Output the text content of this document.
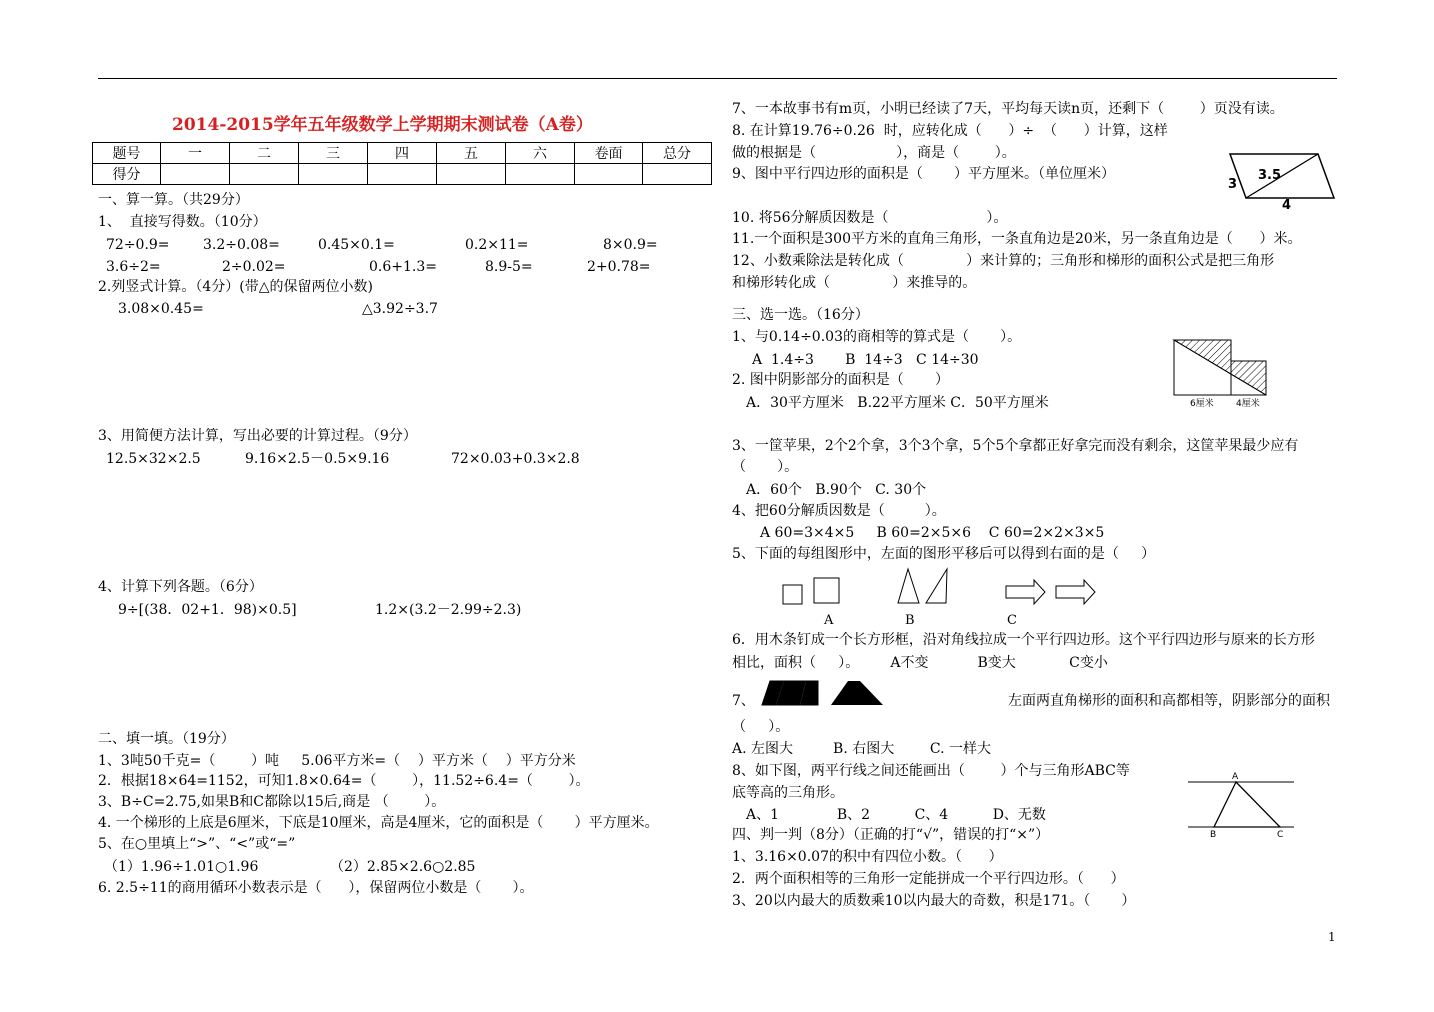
2014-2015学年五年级数学上学期期末测试卷（A卷）
题号	一	二	三	四	五	六	卷面	总分
得分								
一、算一算。（共29分）
1、  直接写得数。（10分）
72÷0.9= 3.2÷0.08=	0.45×0.1=	0.2×11=	8×0.9=
3.6÷2=	2÷0.02=	0.6+1.3=	8.9-5=	2+0.78=
2.列竖式计算。（4分）(带△的保留两位小数)
3.08×0.45=	△3.92÷3.7
3、用简便方法计算，写出必要的计算过程。（9分）
12.5×32×2.5	9.16×2.5－0.5×9.16	72×0.03+0.3×2.8
4、计算下列各题。（6分）
9÷[(38．02+1．98)×0.5]	1.2×(3.2－2.99÷2.3)
二、填一填。（19分）
1、3吨50千克=（        ）吨     5.06平方米=（    ）平方米（    ）平方分米
2．根据18×64=1152，可知1.8×0.64=（        ），11.52÷6.4=（        ）。
3、B÷C=2.75,如果B和C都除以15后,商是 （        ）。
4. 一个梯形的上底是6厘米，下底是10厘米，高是4厘米，它的面积是（       ）平方厘米。
5、在○里填上“>”、“<”或“=”
（1）1.96÷1.01○1.96	（2）2.85×2.6○2.85
6. 2.5÷11的商用循环小数表示是（      ），保留两位小数是（       ）。
7、一本故事书有m页，小明已经读了7天，平均每天读n页，还剩下（        ）页没有读。
8. 在计算19.76÷0.26  时，应转化成（      ）÷  （      ）计算，这样
做的根据是（                  ），商是（        ）。
9、图中平行四边形的面积是（       ）平方厘米。（单位厘米）
3
3.5
4
10. 将56分解质因数是（                      ）。
11.一个面积是300平方米的直角三角形，一条直角边是20米，另一条直角边是（      ）米。
12、小数乘除法是转化成（              ）来计算的；三角形和梯形的面积公式是把三角形
和梯形转化成（              ）来推导的。
三、选一选。（16分）
1、与0.14÷0.03的商相等的算式是（       ）。
A  1.4÷3       B  14÷3   C 14÷30
2. 图中阴影部分的面积是（       ）
A．30平方厘米   B.22平方厘米 C．50平方厘米	6厘米 4厘米
3、一筐苹果，2个2个拿，3个3个拿，5个5个拿都正好拿完而没有剩余，这筐苹果最少应有
（       ）。
A．60个   B.90个   C. 30个
4、把60分解质因数是（         ）。
A 60=3×4×5     B 60=2×5×6    C 60=2×2×3×5
5、下面的每组图形中，左面的图形平移后可以得到右面的是（     ）
A	B	C
6．用木条钉成一个长方形框，沿对角线拉成一个平行四边形。这个平行四边形与原来的长方形
相比，面积（     ）。       A不变           B变大            C变小
7、	左面两直角梯形的面积和高都相等，阴影部分的面积
（     ）。
A. 左图大         B. 右图大        C. 一样大
8、如下图，两平行线之间还能画出（        ）个与三角形ABC等
底等高的三角形。
A
B	C
A、1             B、2          C、4          D、无数
四、判一判（8分）（正确的打“√”，错误的打“×”）
1、3.16×0.07的积中有四位小数。（      ）
2．两个面积相等的三角形一定能拼成一个平行四边形。（      ）
3、20以内最大的质数乘10以内最大的奇数，积是171。（       ）
1
